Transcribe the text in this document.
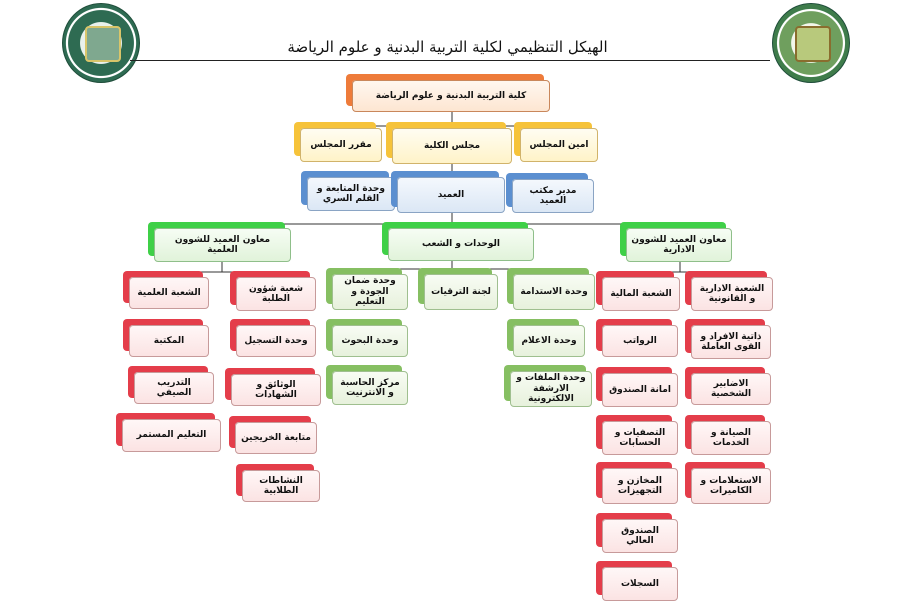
الهيكل التنظيمي لكلية التربية البدنية و علوم الرياضة
كلية التربية البدنية و علوم الرياضة
مقرر المجلس	مجلس الكلية	امين المجلس
وحدة المتابعة و القلم السري	العميد	مدير مكتب العميد
معاون العميد للشوون العلمية
الوحدات و الشعب	معاون العميد للشوون الادارية
الشعبة العلمية
المكتبة
التدريب الصيفي
التعليم المستمر
شعبة شؤون الطلبة
وحدة التسجيل
الوثائق و الشهادات
متابعة الخريجين
النشاطات الطلابية
وحدة ضمان الجودة و التعليم
وحدة البحوث
مركز الحاسبة و الانترنيت
لجنة الترقيات	وحدة الاستدامة
وحدة الاعلام
وحدة الملفات و الارشفة الالكترونية
الشعبة المالية
الرواتب
امانة الصندوق
التصفيات و الحسابات
المخازن و التجهيزات
الصندوق العالي
السجلات
الشعبة الادارية و القانونية
ذاتية الافراد و القوى العاملة
الاضابير الشخصية
الصيانة و الخدمات
الاستعلامات و الكاميرات
